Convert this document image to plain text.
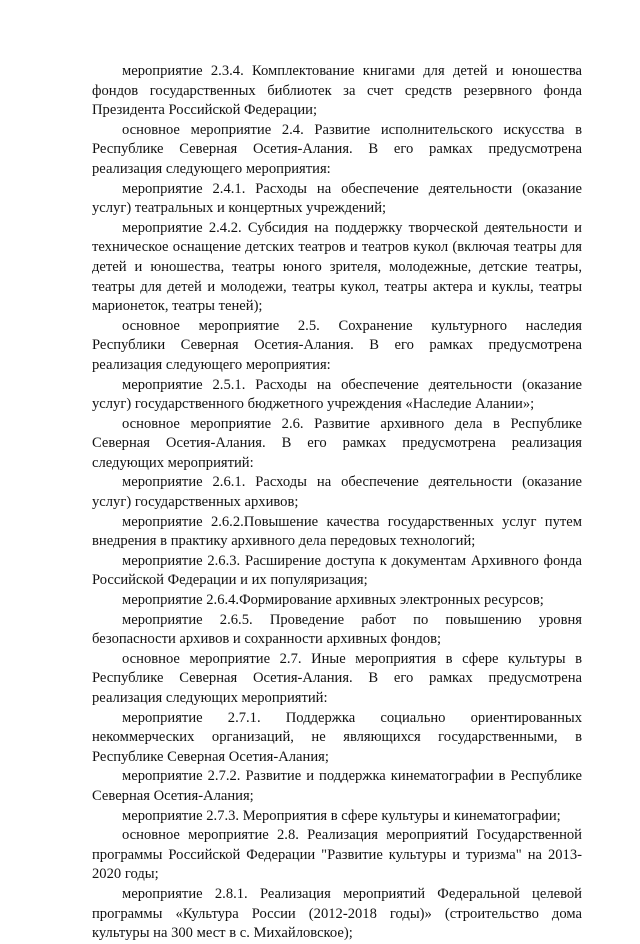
мероприятие 2.3.4. Комплектование книгами для детей и юношества фондов государственных библиотек за счет средств резервного фонда Президента Российской Федерации;

основное мероприятие 2.4. Развитие исполнительского искусства в Республике Северная Осетия-Алания. В его рамках предусмотрена реализация следующего мероприятия:

мероприятие 2.4.1. Расходы на обеспечение деятельности (оказание услуг) театральных и концертных учреждений;

мероприятие 2.4.2. Субсидия на поддержку творческой деятельности и техническое оснащение детских театров и театров кукол (включая театры для детей и юношества, театры юного зрителя, молодежные, детские театры, театры для детей и молодежи, театры кукол, театры актера и куклы, театры марионеток, театры теней);

основное мероприятие 2.5. Сохранение культурного наследия Республики Северная Осетия-Алания. В его рамках предусмотрена реализация следующего мероприятия:

мероприятие 2.5.1. Расходы на обеспечение деятельности (оказание услуг) государственного бюджетного учреждения «Наследие Алании»;

основное мероприятие 2.6. Развитие архивного дела в Республике Северная Осетия-Алания. В его рамках предусмотрена реализация следующих мероприятий:

мероприятие 2.6.1. Расходы на обеспечение деятельности (оказание услуг) государственных архивов;

мероприятие 2.6.2.Повышение качества государственных услуг путем внедрения в практику архивного дела передовых технологий;

мероприятие 2.6.3. Расширение доступа к документам Архивного фонда Российской Федерации и их популяризация;

мероприятие 2.6.4.Формирование архивных электронных ресурсов;

мероприятие 2.6.5. Проведение работ по повышению уровня безопасности архивов и сохранности архивных фондов;

основное мероприятие 2.7. Иные мероприятия в сфере культуры в Республике Северная Осетия-Алания. В его рамках предусмотрена реализация следующих мероприятий:

мероприятие 2.7.1. Поддержка социально ориентированных некоммерческих организаций, не являющихся государственными, в Республике Северная Осетия-Алания;

мероприятие 2.7.2. Развитие и поддержка кинематографии в Республике Северная Осетия-Алания;

мероприятие 2.7.3. Мероприятия в сфере культуры и кинематографии;

основное мероприятие 2.8. Реализация мероприятий Государственной программы Российской Федерации "Развитие культуры и туризма" на 2013-2020 годы;

мероприятие 2.8.1. Реализация мероприятий Федеральной целевой программы «Культура России (2012-2018 годы)» (строительство дома культуры на 300 мест в с. Михайловское);
